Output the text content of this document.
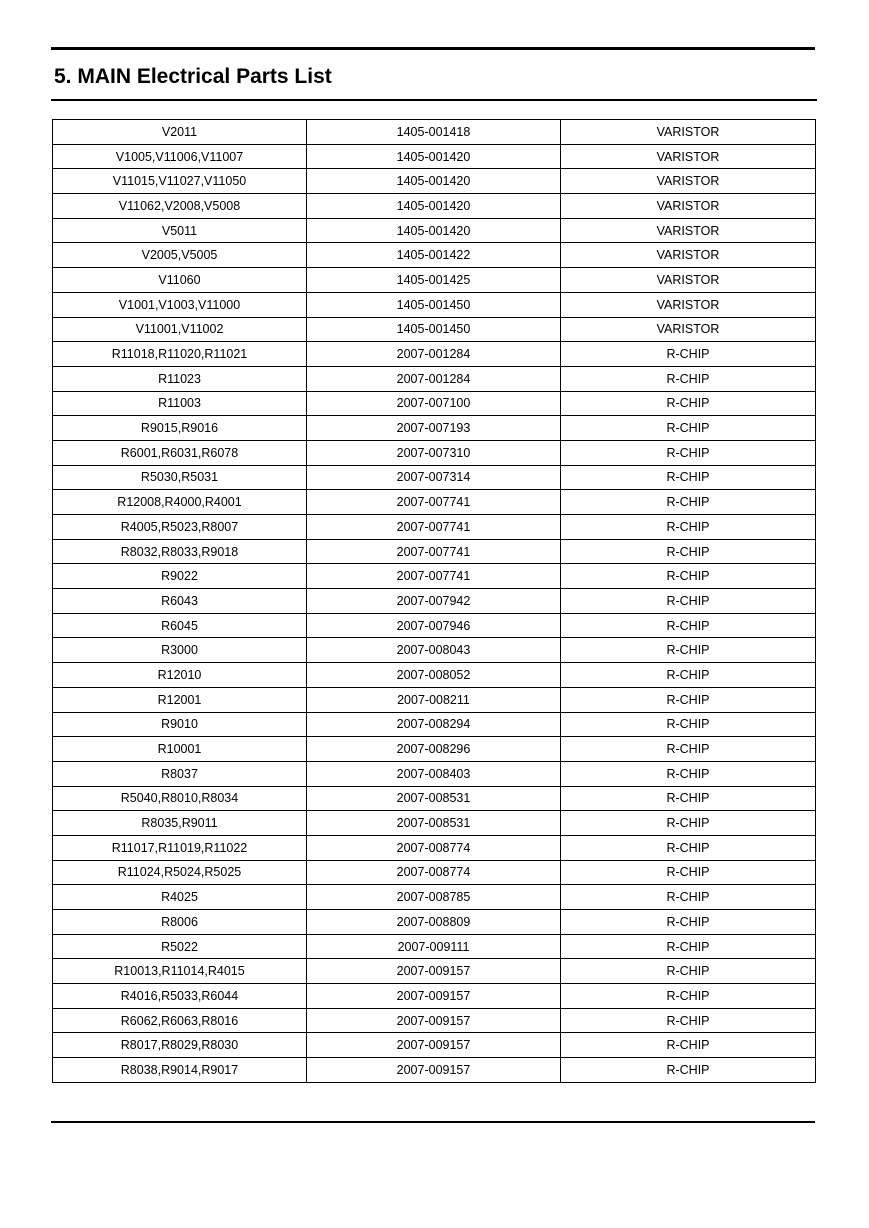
5. MAIN Electrical Parts List
V2011	1405-001418	VARISTOR
V1005,V11006,V11007	1405-001420	VARISTOR
V11015,V11027,V11050	1405-001420	VARISTOR
V11062,V2008,V5008	1405-001420	VARISTOR
V5011	1405-001420	VARISTOR
V2005,V5005	1405-001422	VARISTOR
V11060	1405-001425	VARISTOR
V1001,V1003,V11000	1405-001450	VARISTOR
V11001,V11002	1405-001450	VARISTOR
R11018,R11020,R11021	2007-001284	R-CHIP
R11023	2007-001284	R-CHIP
R11003	2007-007100	R-CHIP
R9015,R9016	2007-007193	R-CHIP
R6001,R6031,R6078	2007-007310	R-CHIP
R5030,R5031	2007-007314	R-CHIP
R12008,R4000,R4001	2007-007741	R-CHIP
R4005,R5023,R8007	2007-007741	R-CHIP
R8032,R8033,R9018	2007-007741	R-CHIP
R9022	2007-007741	R-CHIP
R6043	2007-007942	R-CHIP
R6045	2007-007946	R-CHIP
R3000	2007-008043	R-CHIP
R12010	2007-008052	R-CHIP
R12001	2007-008211	R-CHIP
R9010	2007-008294	R-CHIP
R10001	2007-008296	R-CHIP
R8037	2007-008403	R-CHIP
R5040,R8010,R8034	2007-008531	R-CHIP
R8035,R9011	2007-008531	R-CHIP
R11017,R11019,R11022	2007-008774	R-CHIP
R11024,R5024,R5025	2007-008774	R-CHIP
R4025	2007-008785	R-CHIP
R8006	2007-008809	R-CHIP
R5022	2007-009111	R-CHIP
R10013,R11014,R4015	2007-009157	R-CHIP
R4016,R5033,R6044	2007-009157	R-CHIP
R6062,R6063,R8016	2007-009157	R-CHIP
R8017,R8029,R8030	2007-009157	R-CHIP
R8038,R9014,R9017	2007-009157	R-CHIP
